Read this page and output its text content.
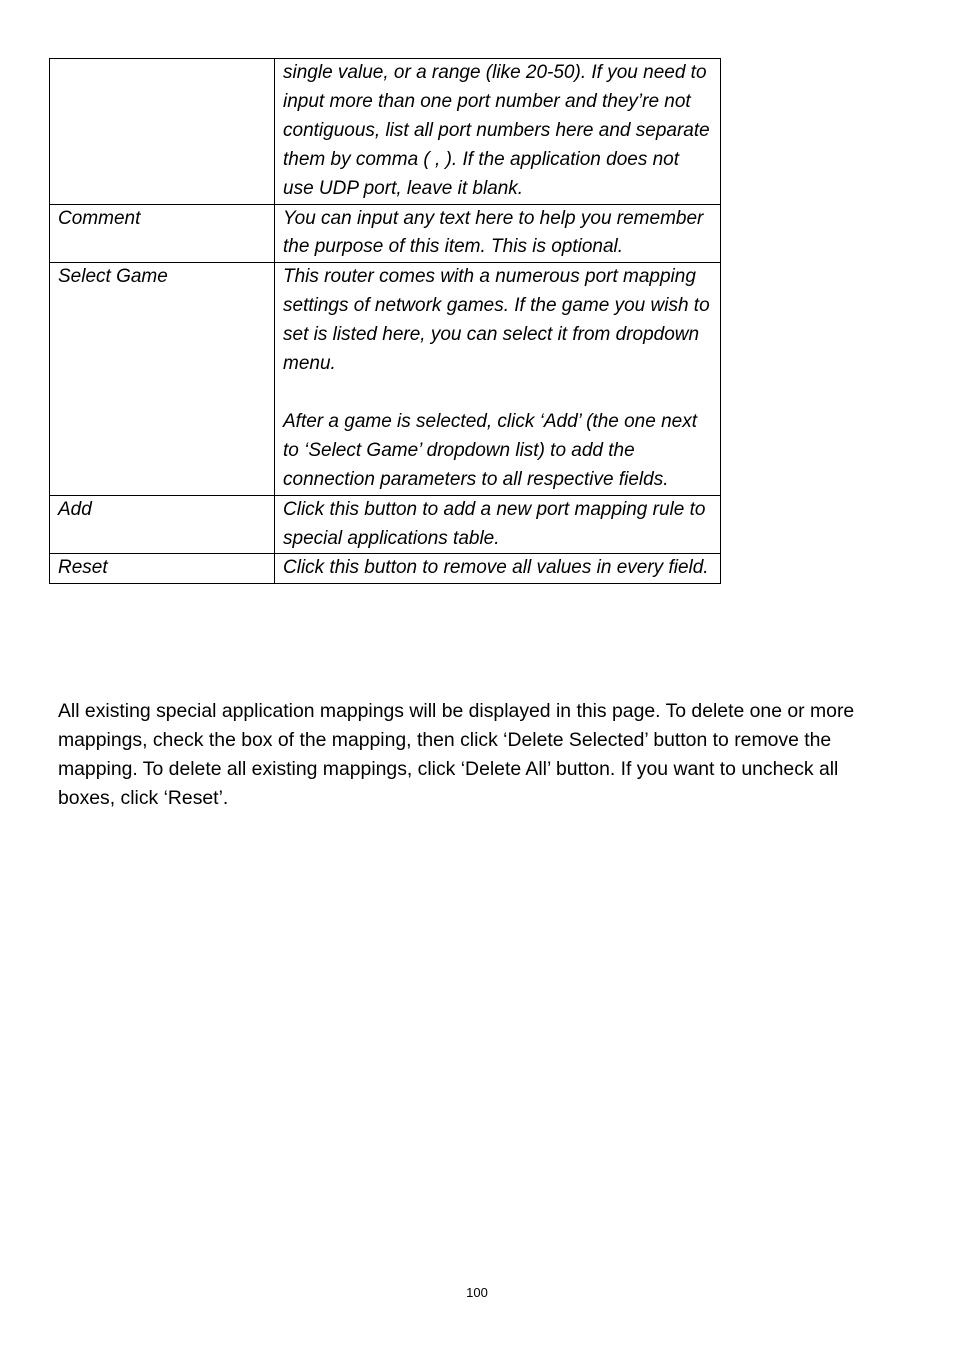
	single value, or a range (like 20-50). If you need to input more than one port number and they’re not contiguous, list all port numbers here and separate them by comma ( , ). If the application does not use UDP port, leave it blank.
Comment	You can input any text here to help you remember the purpose of this item. This is optional.
Select Game	This router comes with a numerous port mapping settings of network games. If the game you wish to set is listed here, you can select it from dropdown menu.

After a game is selected, click ‘Add’ (the one next to ‘Select Game’ dropdown list) to add the connection parameters to all respective fields.
Add	Click this button to add a new port mapping rule to special applications table.
Reset	Click this button to remove all values in every field.

All existing special application mappings will be displayed in this page. To delete one or more mappings, check the box of the mapping, then click ‘Delete Selected’ button to remove the mapping. To delete all existing mappings, click ‘Delete All’ button. If you want to uncheck all boxes, click ‘Reset’.

100
